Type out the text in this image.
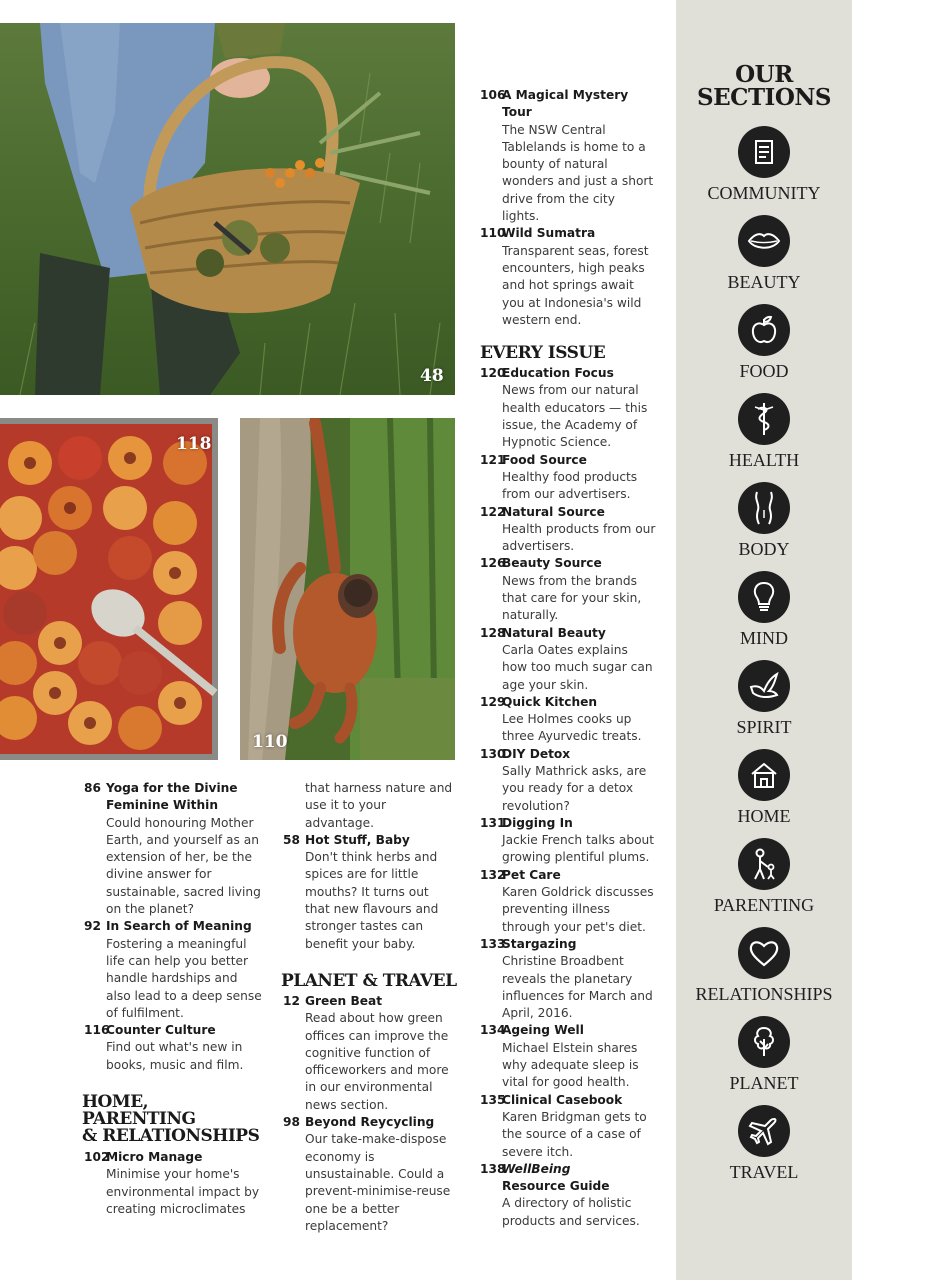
48
118
110
86 Yoga for the Divine Feminine Within
Could honouring Mother Earth, and yourself as an extension of her, be the divine answer for sustainable, sacred living on the planet?
92 In Search of Meaning
Fostering a meaningful life can help you better handle hardships and also lead to a deep sense of fulfilment.
116
Counter Culture
Find out what's new in books, music and film.
HOME, PARENTING
& RELATIONSHIPS
102
Micro Manage
Minimise your home's environmental impact by creating microclimates
that harness nature and use it to your advantage.
58 Hot Stuff, Baby
Don't think herbs and spices are for little mouths? It turns out that new flavours and stronger tastes can benefit your baby.
PLANET & TRAVEL
12 Green Beat
Read about how green offices can improve the cognitive function of officeworkers and more in our environmental news section.
98 Beyond Reycycling
Our take-make-dispose economy is unsustainable. Could a prevent-minimise-reuse one be a better replacement?
106
A Magical Mystery Tour
The NSW Central Tablelands is home to a bounty of natural wonders and just a short drive from the city lights.
110
Wild Sumatra
Transparent seas, forest encounters, high peaks and hot springs await you at Indonesia's wild western end.
EVERY ISSUE
120
Education Focus
News from our natural health educators — this issue, the Academy of Hypnotic Science.
121
Food Source
Healthy food products from our advertisers.
122
Natural Source
Health products from our advertisers.
126
Beauty Source
News from the brands that care for your skin, naturally.
128
Natural Beauty
Carla Oates explains how too much sugar can age your skin.
129
Quick Kitchen
Lee Holmes cooks up three Ayurvedic treats.
130
DIY Detox
Sally Mathrick asks, are you ready for a detox revolution?
131
Digging In
Jackie French talks about growing plentiful plums.
132
Pet Care
Karen Goldrick discusses preventing illness through your pet's diet.
133
Stargazing
Christine Broadbent reveals the planetary influences for March and April, 2016.
134
Ageing Well
Michael Elstein shares why adequate sleep is vital for good health.
135
Clinical Casebook
Karen Bridgman gets to the source of a case of severe itch.
138
WellBeing
Resource Guide
A directory of holistic products and services.
OUR
SECTIONS
COMMUNITY
BEAUTY
FOOD
HEALTH
BODY
MIND
SPIRIT
HOME
PARENTING
RELATIONSHIPS
PLANET
TRAVEL
